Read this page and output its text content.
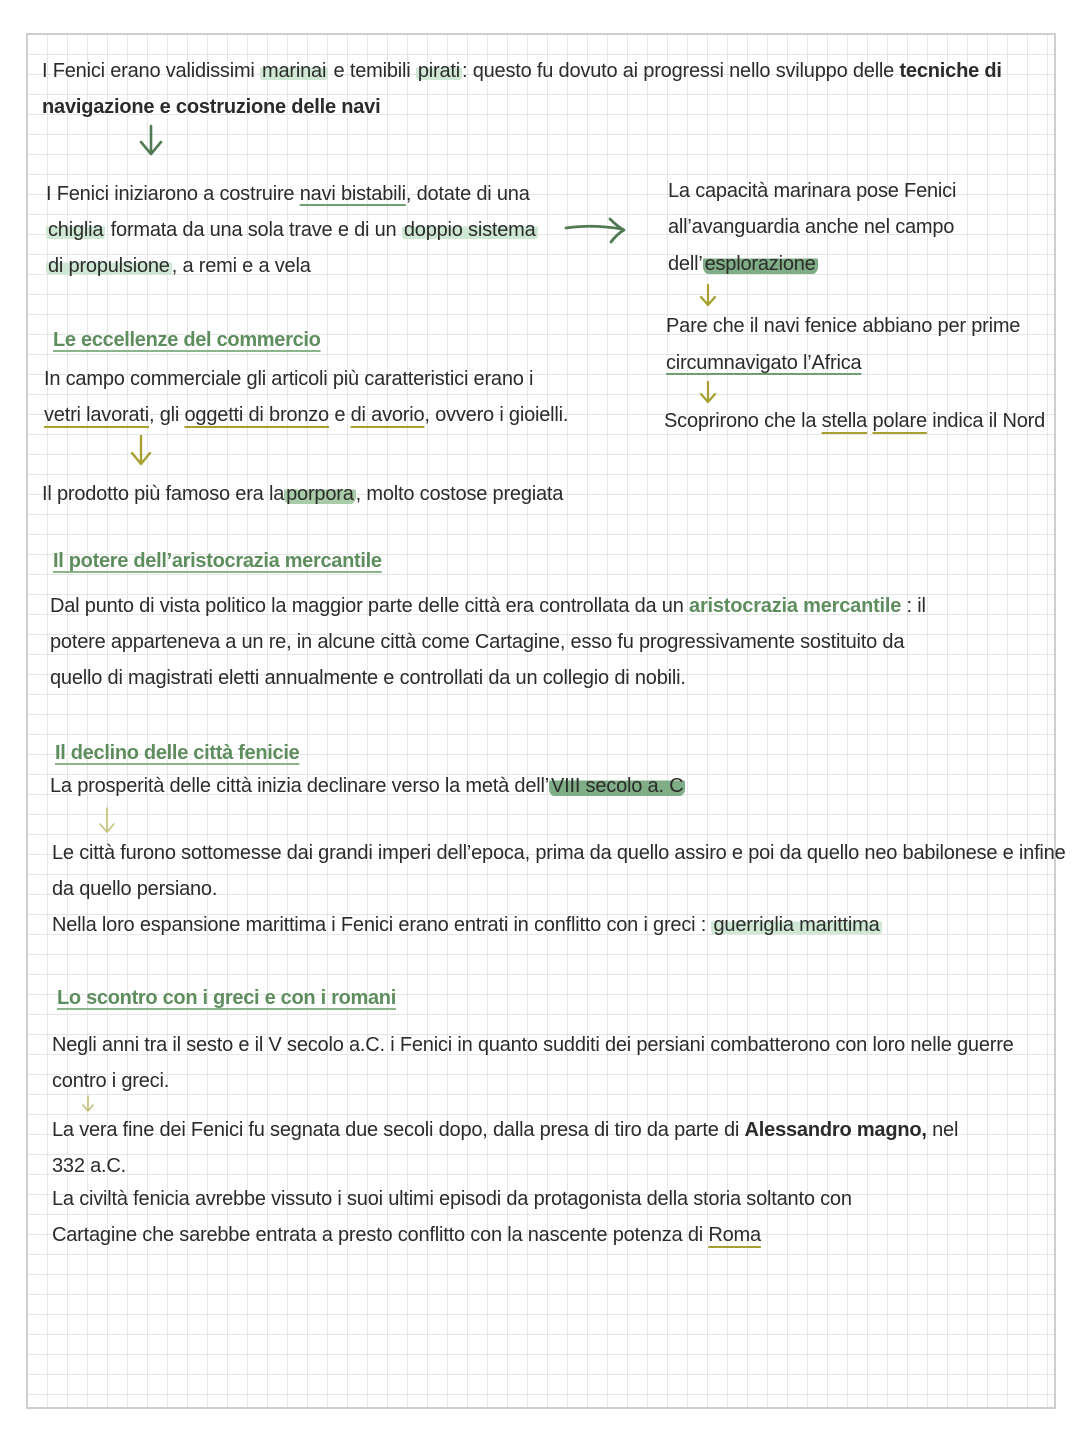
I Fenici erano validissimi marinai e temibili pirati : questo fu dovuto ai progressi nello sviluppo delle tecniche di

navigazione e costruzione delle navi

I Fenici iniziarono a costruire navi bistabili, dotate di una

chiglia formata da una sola trave e di un doppio sistema

di propulsione , a remi e a vela

La capacità marinara pose Fenici

all’avanguardia anche nel campo

dell’ esplorazione

Pare che il navi fenice abbiano per prime

circumnavigato l’Africa

Scoprirono che la stella polare indica il Nord

Le eccellenze del commercio

In campo commerciale gli articoli più caratteristici erano i

vetri lavorati, gli oggetti di bronzo e di avorio, ovvero i gioielli.

Il prodotto più famoso era la porpora , molto costose pregiata

Il potere dell’aristocrazia mercantile

Dal punto di vista politico la maggior parte delle città era controllata da un aristocrazia mercantile : il

potere apparteneva a un re, in alcune città come Cartagine, esso fu progressivamente sostituito da

quello di magistrati eletti annualmente e controllati da un collegio di nobili.

Il declino delle città fenicie

La prosperità delle città inizia declinare verso la metà dell’ VIII secolo a. C

Le città furono sottomesse dai grandi imperi dell’epoca, prima da quello assiro e poi da quello neo babilonese e infine

da quello persiano.

Nella loro espansione marittima i Fenici erano entrati in conflitto con i greci : guerriglia marittima

Lo scontro con i greci e con i romani

Negli anni tra il sesto e il V secolo a.C. i Fenici in quanto sudditi dei persiani combatterono con loro nelle guerre

contro i greci.

La vera fine dei Fenici fu segnata due secoli dopo, dalla presa di tiro da parte di Alessandro magno, nel

332 a.C.

La civiltà fenicia avrebbe vissuto i suoi ultimi episodi da protagonista della storia soltanto con

Cartagine che sarebbe entrata a presto conflitto con la nascente potenza di Roma
